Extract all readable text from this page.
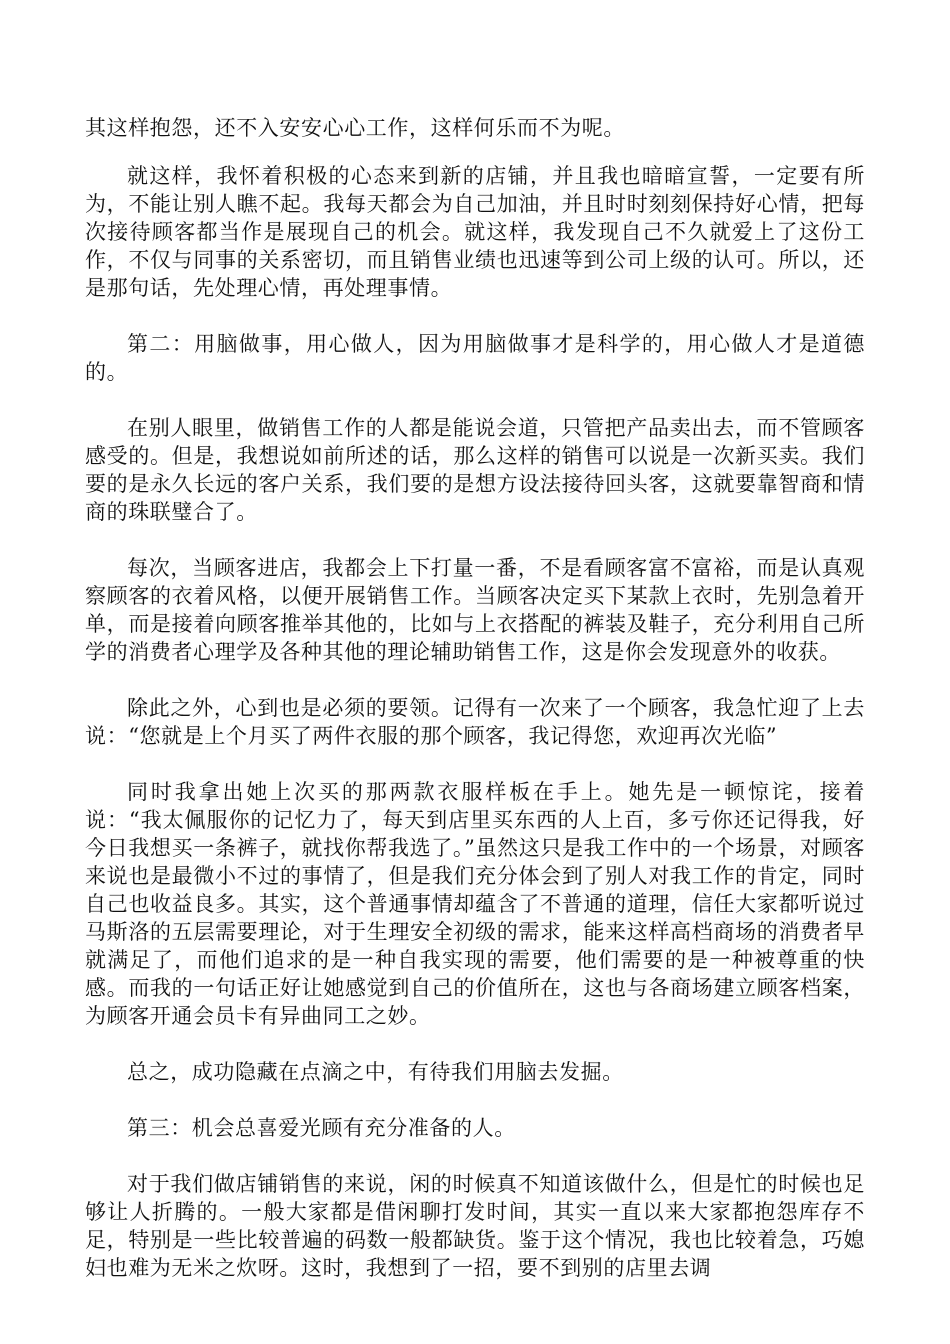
其这样抱怨，还不入安安心心工作，这样何乐而不为呢。

就这样，我怀着积极的心态来到新的店铺，并且我也暗暗宣誓，一定要有所为，不能让别人瞧不起。我每天都会为自己加油，并且时时刻刻保持好心情，把每次接待顾客都当作是展现自己的机会。就这样，我发现自己不久就爱上了这份工作，不仅与同事的关系密切，而且销售业绩也迅速等到公司上级的认可。所以，还是那句话，先处理心情，再处理事情。

第二：用脑做事，用心做人，因为用脑做事才是科学的，用心做人才是道德的。

在别人眼里，做销售工作的人都是能说会道，只管把产品卖出去，而不管顾客感受的。但是，我想说如前所述的话，那么这样的销售可以说是一次新买卖。我们要的是永久长远的客户关系，我们要的是想方设法接待回头客，这就要靠智商和情商的珠联璧合了。

每次，当顾客进店，我都会上下打量一番，不是看顾客富不富裕，而是认真观察顾客的衣着风格，以便开展销售工作。当顾客决定买下某款上衣时，先别急着开单，而是接着向顾客推举其他的，比如与上衣搭配的裤装及鞋子，充分利用自己所学的消费者心理学及各种其他的理论辅助销售工作，这是你会发现意外的收获。

除此之外，心到也是必须的要领。记得有一次来了一个顾客，我急忙迎了上去说：“您就是上个月买了两件衣服的那个顾客，我记得您，欢迎再次光临”

同时我拿出她上次买的那两款衣服样板在手上。她先是一顿惊诧，接着说：“我太佩服你的记忆力了，每天到店里买东西的人上百，多亏你还记得我，好今日我想买一条裤子，就找你帮我选了。”虽然这只是我工作中的一个场景，对顾客来说也是最微小不过的事情了，但是我们充分体会到了别人对我工作的肯定，同时自己也收益良多。其实，这个普通事情却蕴含了不普通的道理，信任大家都听说过马斯洛的五层需要理论，对于生理安全初级的需求，能来这样高档商场的消费者早就满足了，而他们追求的是一种自我实现的需要，他们需要的是一种被尊重的快感。而我的一句话正好让她感觉到自己的价值所在，这也与各商场建立顾客档案，为顾客开通会员卡有异曲同工之妙。

总之，成功隐藏在点滴之中，有待我们用脑去发掘。

第三：机会总喜爱光顾有充分准备的人。

对于我们做店铺销售的来说，闲的时候真不知道该做什么，但是忙的时候也足够让人折腾的。一般大家都是借闲聊打发时间，其实一直以来大家都抱怨库存不足，特别是一些比较普遍的码数一般都缺货。鉴于这个情况，我也比较着急，巧媳妇也难为无米之炊呀。这时，我想到了一招，要不到别的店里去调
